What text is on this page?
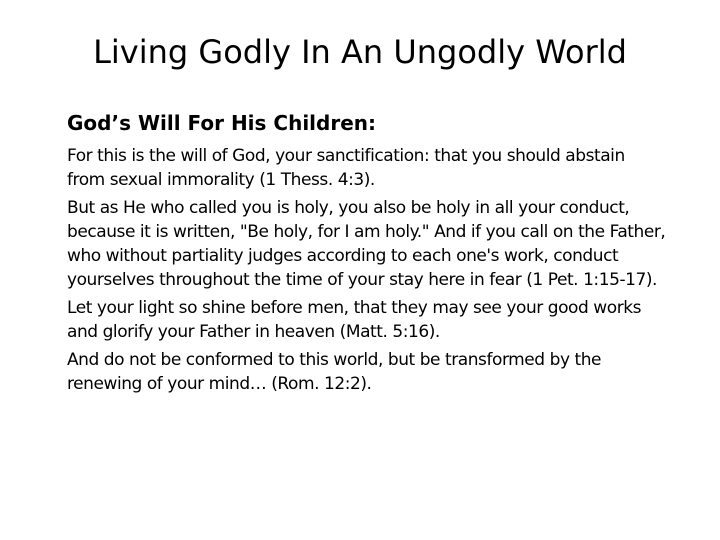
Living Godly In An Ungodly World
God’s Will For His Children:

For this is the will of God, your sanctification: that you should abstain from sexual immorality (1 Thess. 4:3).

But as He who called you is holy, you also be holy in all your conduct, because it is written, "Be holy, for I am holy." And if you call on the Father, who without partiality judges according to each one's work, conduct yourselves throughout the time of your stay here in fear (1 Pet. 1:15-17).

Let your light so shine before men, that they may see your good works and glorify your Father in heaven (Matt. 5:16).

And do not be conformed to this world, but be transformed by the renewing of your mind… (Rom. 12:2).
